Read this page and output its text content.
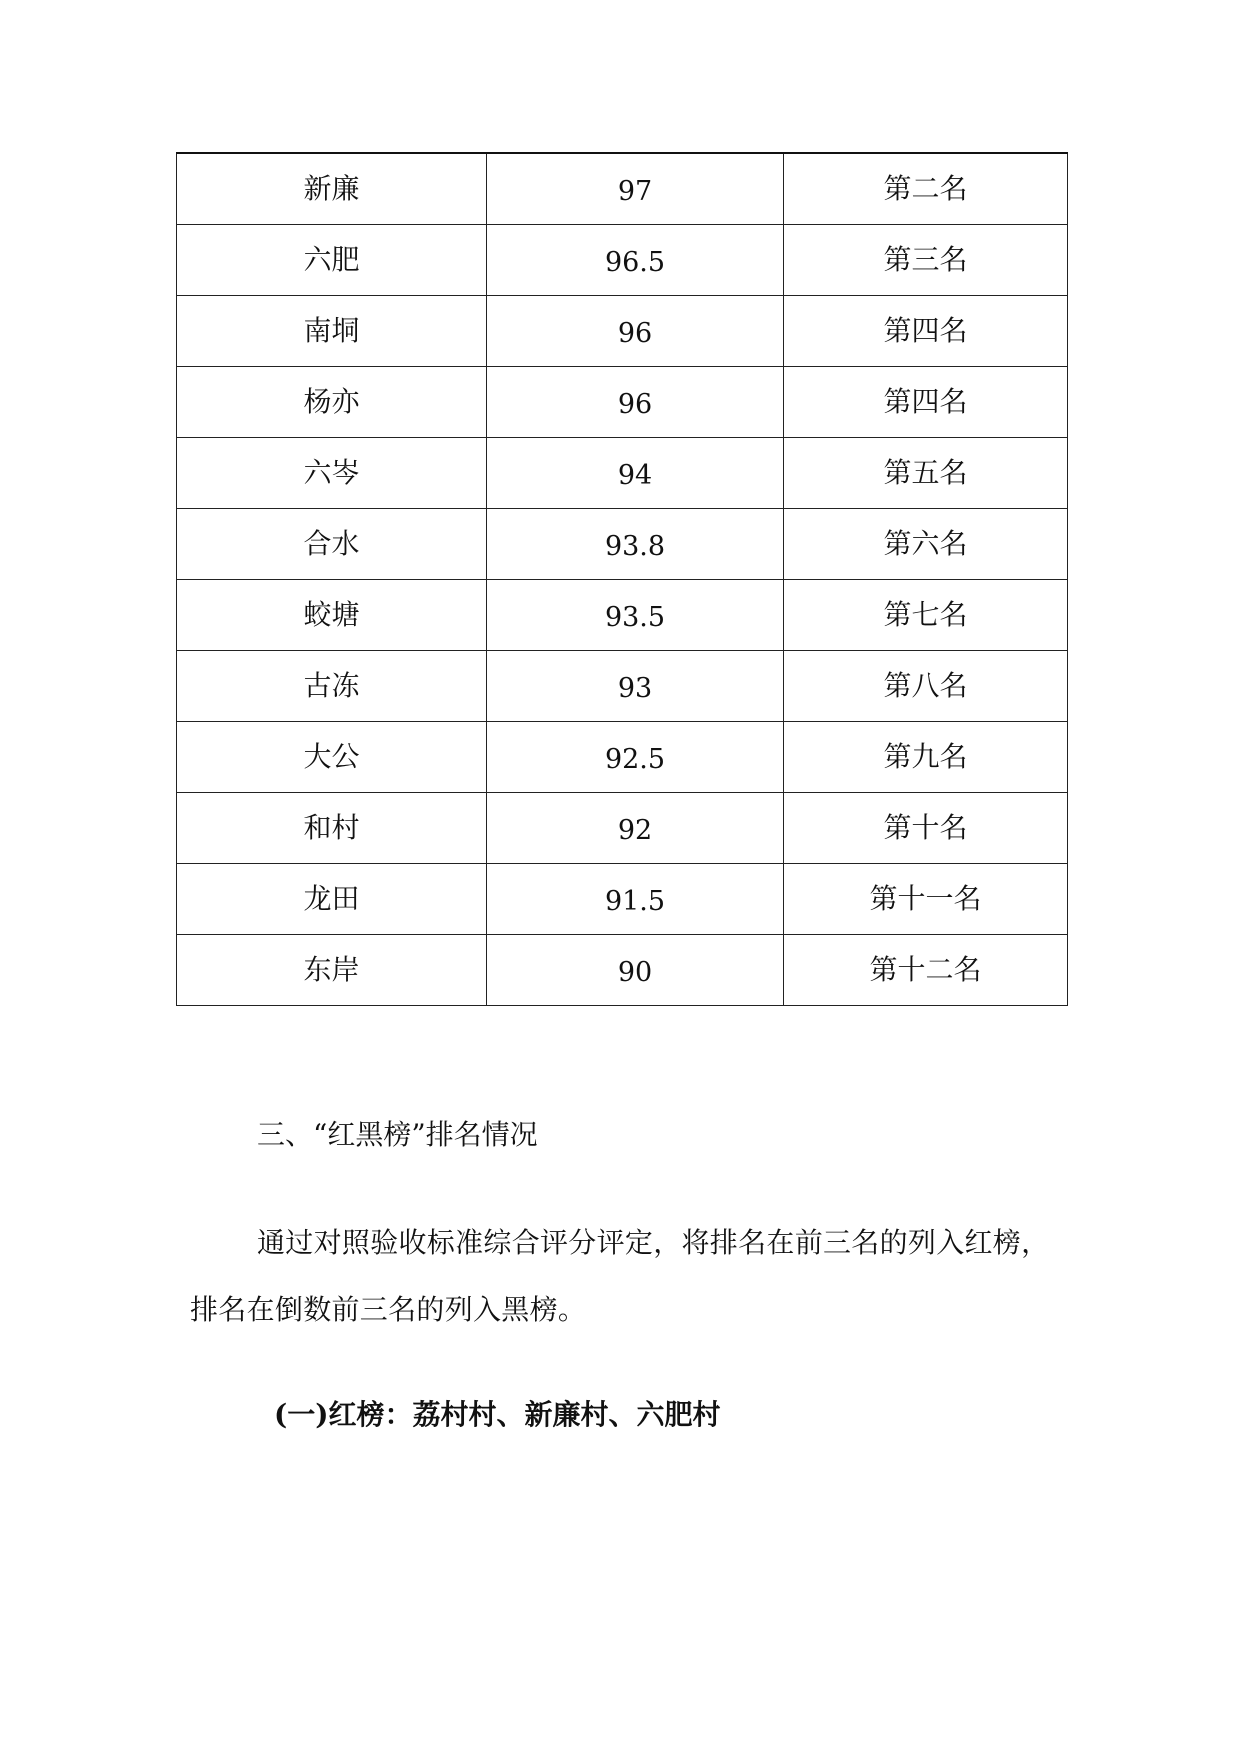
新廉	97	第二名
六肥	96.5	第三名
南垌	96	第四名
杨亦	96	第四名
六岑	94	第五名
合水	93.8	第六名
蛟塘	93.5	第七名
古冻	93	第八名
大公	92.5	第九名
和村	92	第十名
龙田	91.5	第十一名
东岸	90	第十二名

三、“红黑榜”排名情况

通过对照验收标准综合评分评定，将排名在前三名的列入红榜，

排名在倒数前三名的列入黑榜。

(一)红榜：荔村村、新廉村、六肥村
